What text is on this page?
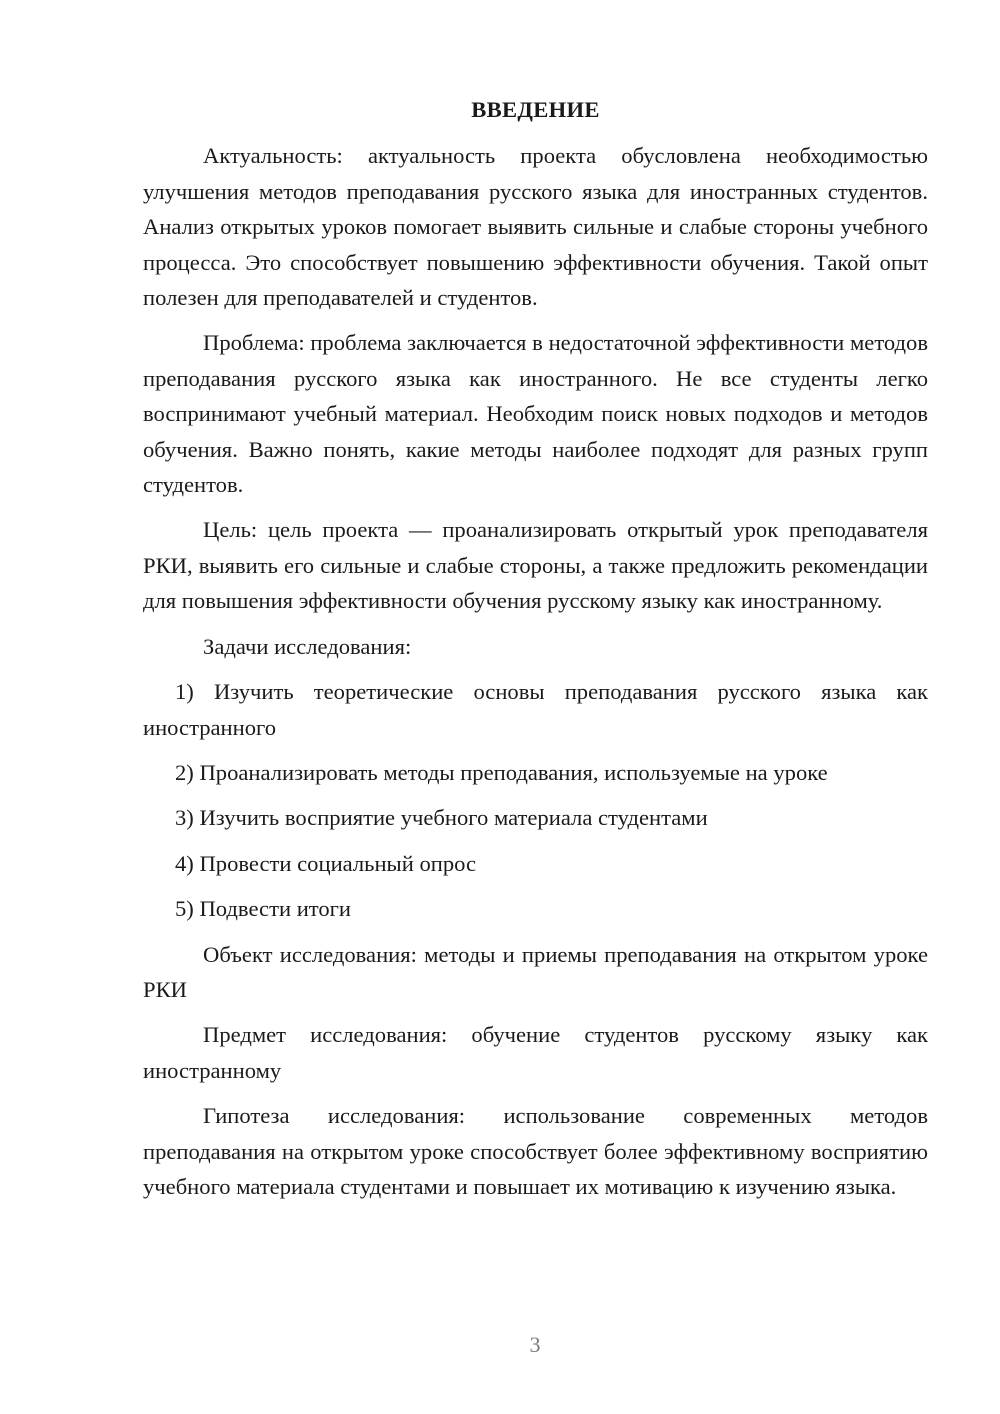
ВВЕДЕНИЕ

Актуальность: актуальность проекта обусловлена необходимостью улучшения методов преподавания русского языка для иностранных студентов. Анализ открытых уроков помогает выявить сильные и слабые стороны учебного процесса. Это способствует повышению эффективности обучения. Такой опыт полезен для преподавателей и студентов.

Проблема: проблема заключается в недостаточной эффективности методов преподавания русского языка как иностранного. Не все студенты легко воспринимают учебный материал. Необходим поиск новых подходов и методов обучения. Важно понять, какие методы наиболее подходят для разных групп студентов.

Цель: цель проекта — проанализировать открытый урок преподавателя РКИ, выявить его сильные и слабые стороны, а также предложить рекомендации для повышения эффективности обучения русскому языку как иностранному.

Задачи исследования:

1) Изучить теоретические основы преподавания русского языка как иностранного

2) Проанализировать методы преподавания, используемые на уроке

3) Изучить восприятие учебного материала студентами

4) Провести социальный опрос

5) Подвести итоги

Объект исследования: методы и приемы преподавания на открытом уроке РКИ

Предмет исследования: обучение студентов русскому языку как иностранному

Гипотеза исследования: использование современных методов преподавания на открытом уроке способствует более эффективному восприятию учебного материала студентами и повышает их мотивацию к изучению языка.

3
